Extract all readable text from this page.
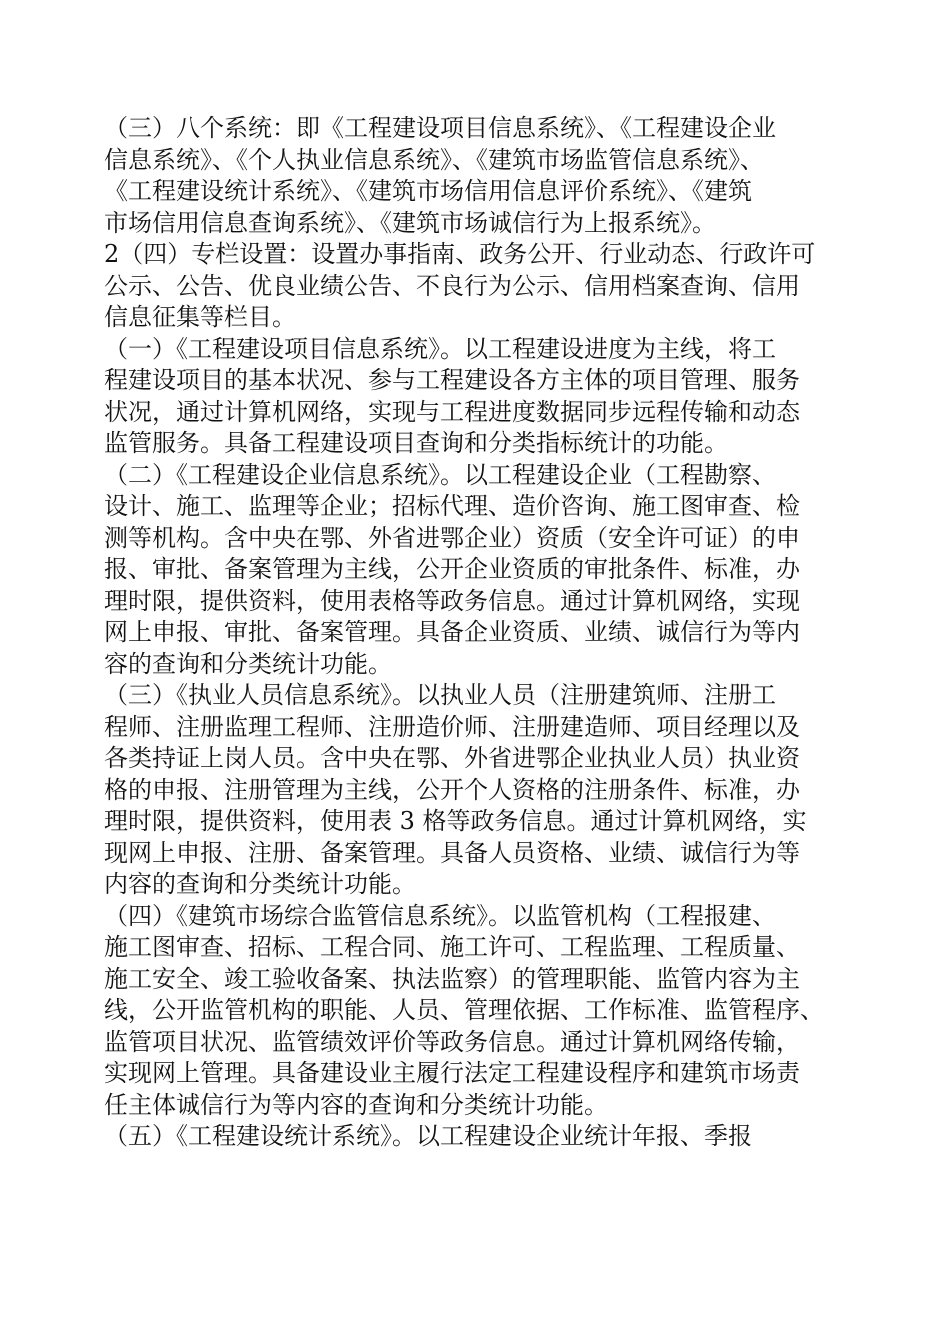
（三）八个系统：即《工程建设项目信息系统》、《工程建设企业
信息系统》、《个人执业信息系统》、《建筑市场监管信息系统》、
《工程建设统计系统》、《建筑市场信用信息评价系统》、《建筑
市场信用信息查询系统》、《建筑市场诚信行为上报系统》。
2（四）专栏设置：设置办事指南、政务公开、行业动态、行政许可
公示、公告、优良业绩公告、不良行为公示、信用档案查询、信用
信息征集等栏目。
（一）《工程建设项目信息系统》。以工程建设进度为主线，将工
程建设项目的基本状况、参与工程建设各方主体的项目管理、服务
状况，通过计算机网络，实现与工程进度数据同步远程传输和动态
监管服务。具备工程建设项目查询和分类指标统计的功能。
（二）《工程建设企业信息系统》。以工程建设企业（工程勘察、
设计、施工、监理等企业；招标代理、造价咨询、施工图审查、检
测等机构。含中央在鄂、外省进鄂企业）资质（安全许可证）的申
报、审批、备案管理为主线，公开企业资质的审批条件、标准，办
理时限，提供资料，使用表格等政务信息。通过计算机网络，实现
网上申报、审批、备案管理。具备企业资质、业绩、诚信行为等内
容的查询和分类统计功能。
（三）《执业人员信息系统》。以执业人员（注册建筑师、注册工
程师、注册监理工程师、注册造价师、注册建造师、项目经理以及
各类持证上岗人员。含中央在鄂、外省进鄂企业执业人员）执业资
格的申报、注册管理为主线，公开个人资格的注册条件、标准，办
理时限，提供资料，使用表 3 格等政务信息。通过计算机网络，实
现网上申报、注册、备案管理。具备人员资格、业绩、诚信行为等
内容的查询和分类统计功能。
（四）《建筑市场综合监管信息系统》。以监管机构（工程报建、
施工图审查、招标、工程合同、施工许可、工程监理、工程质量、
施工安全、竣工验收备案、执法监察）的管理职能、监管内容为主
线，公开监管机构的职能、人员、管理依据、工作标准、监管程序、
监管项目状况、监管绩效评价等政务信息。通过计算机网络传输，
实现网上管理。具备建设业主履行法定工程建设程序和建筑市场责
任主体诚信行为等内容的查询和分类统计功能。
（五）《工程建设统计系统》。以工程建设企业统计年报、季报
